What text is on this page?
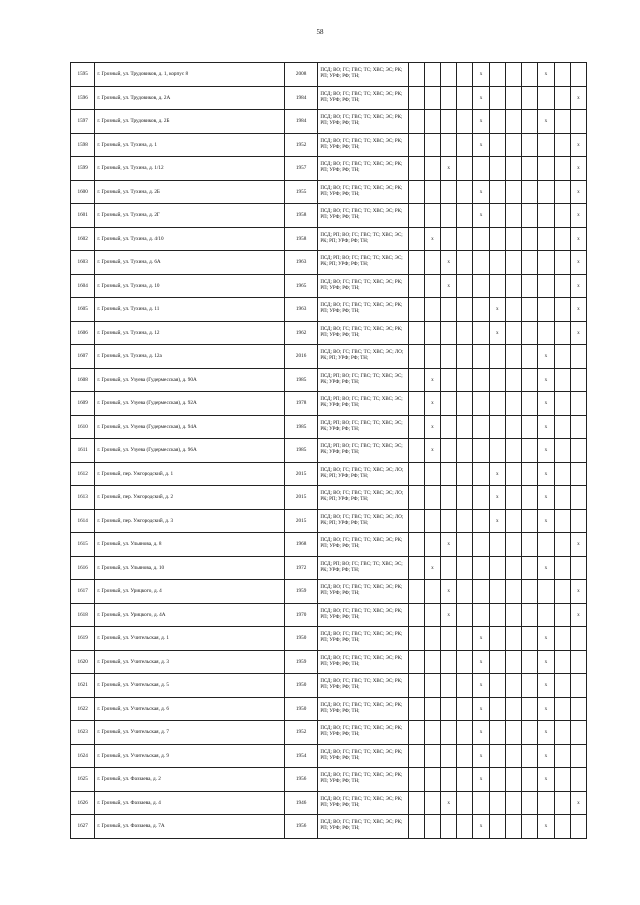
58
1595	г. Грозный, ул. Трудовиков, д. 1, корпус 8	2008	ПСД; ВО; ГС; ГВС; ТС; ХВС; ЭС; РК; РП; УРФ; РФ; ТН;					x				x		
1596	г. Грозный, ул. Трудовиков, д. 2А	1984	ПСД; ВО; ГС; ГВС; ТС; ХВС; ЭС; РК; РП; УРФ; РФ; ТН;					x						x
1597	г. Грозный, ул. Трудовиков, д. 2Б	1984	ПСД; ВО; ГС; ГВС; ТС; ХВС; ЭС; РК; РП; УРФ; РФ; ТН;					x				x		
1598	г. Грозный, ул. Тухина, д. 1	1952	ПСД; ВО; ГС; ГВС; ТС; ХВС; ЭС; РК; РП; УРФ; РФ; ТН;					x						x
1599	г. Грозный, ул. Тухина, д. 1/12	1957	ПСД; ВО; ГС; ГВС; ТС; ХВС; ЭС; РК; РП; УРФ; РФ; ТН;			x								x
1600	г. Грозный, ул. Тухина, д. 2Б	1955	ПСД; ВО; ГС; ГВС; ТС; ХВС; ЭС; РК; РП; УРФ; РФ; ТН;					x						x
1601	г. Грозный, ул. Тухина, д. 2Г	1958	ПСД; ВО; ГС; ГВС; ТС; ХВС; ЭС; РК; РП; УРФ; РФ; ТН;					x						x
1602	г. Грозный, ул. Тухина, д. 4/10	1958	ПСД; РП; ВО; ГС; ГВС; ТС; ХВС; ЭС; РК; РП; УРФ; РФ; ТН;		x									x
1603	г. Грозный, ул. Тухина, д. 6А	1963	ПСД; РП; ВО; ГС; ГВС; ТС; ХВС; ЭС; РК; РП; УРФ; РФ; ТН;			x								x
1604	г. Грозный, ул. Тухина, д. 10	1965	ПСД; ВО; ГС; ГВС; ТС; ХВС; ЭС; РК; РП; УРФ; РФ; ТН;			x								x
1605	г. Грозный, ул. Тухина, д. 11	1963	ПСД; ВО; ГС; ГВС; ТС; ХВС; ЭС; РК; РП; УРФ; РФ; ТН;						x					x
1606	г. Грозный, ул. Тухина, д. 12	1962	ПСД; ВО; ГС; ГВС; ТС; ХВС; ЭС; РК; РП; УРФ; РФ; ТН;						x					x
1607	г. Грозный, ул. Тухина, д. 12а	2016	ПСД; ВО; ГС; ГВС; ТС; ХВС; ЭС; ЛО; РК; РП; УРФ; РФ; ТН;									x		
1608	г. Грозный, ул. Узуева (Гудермесская), д. 90А	1985	ПСД; РП; ВО; ГС; ГВС; ТС; ХВС; ЭС; РК; УРФ; РФ; ТН;		x							x		
1609	г. Грозный, ул. Узуева (Гудермесская), д. 92А	1978	ПСД; РП; ВО; ГС; ГВС; ТС; ХВС; ЭС; РК; УРФ; РФ; ТН;		x							x		
1610	г. Грозный, ул. Узуева (Гудермесская), д. 94А	1985	ПСД; РП; ВО; ГС; ГВС; ТС; ХВС; ЭС; РК; УРФ; РФ; ТН;		x							x		
1611	г. Грозный, ул. Узуева (Гудермесская), д. 96А	1985	ПСД; РП; ВО; ГС; ГВС; ТС; ХВС; ЭС; РК; УРФ; РФ; ТН;		x							x		
1612	г. Грозный, пер. Ужгородский, д. 1	2015	ПСД; ВО; ГС; ГВС; ТС; ХВС; ЭС; ЛО; РК; РП; УРФ; РФ; ТН;						x			x		
1613	г. Грозный, пер. Ужгородский, д. 2	2015	ПСД; ВО; ГС; ГВС; ТС; ХВС; ЭС; ЛО; РК; РП; УРФ; РФ; ТН;						x			x		
1614	г. Грозный, пер. Ужгородский, д. 3	2015	ПСД; ВО; ГС; ГВС; ТС; ХВС; ЭС; ЛО; РК; РП; УРФ; РФ; ТН;						x			x		
1615	г. Грозный, ул. Ульянова, д. 8	1968	ПСД; ВО; ГС; ГВС; ТС; ХВС; ЭС; РК; РП; УРФ; РФ; ТН;			x								x
1616	г. Грозный, ул. Ульянова, д. 10	1972	ПСД; РП; ВО; ГС; ГВС; ТС; ХВС; ЭС; РК; УРФ; РФ; ТН;		x							x		
1617	г. Грозный, ул. Урицкого, д. 4	1959	ПСД; ВО; ГС; ГВС; ТС; ХВС; ЭС; РК; РП; УРФ; РФ; ТН;			x								x
1618	г. Грозный, ул. Урицкого, д. 4А	1970	ПСД; ВО; ГС; ГВС; ТС; ХВС; ЭС; РК; РП; УРФ; РФ; ТН;			x								x
1619	г. Грозный, ул. Учительская, д. 1	1950	ПСД; ВО; ГС; ГВС; ТС; ХВС; ЭС; РК; РП; УРФ; РФ; ТН;					x				x		
1620	г. Грозный, ул. Учительская, д. 3	1959	ПСД; ВО; ГС; ГВС; ТС; ХВС; ЭС; РК; РП; УРФ; РФ; ТН;					x				x		
1621	г. Грозный, ул. Учительская, д. 5	1950	ПСД; ВО; ГС; ГВС; ТС; ХВС; ЭС; РК; РП; УРФ; РФ; ТН;					x				x		
1622	г. Грозный, ул. Учительская, д. 6	1950	ПСД; ВО; ГС; ГВС; ТС; ХВС; ЭС; РК; РП; УРФ; РФ; ТН;					x				x		
1623	г. Грозный, ул. Учительская, д. 7	1952	ПСД; ВО; ГС; ГВС; ТС; ХВС; ЭС; РК; РП; УРФ; РФ; ТН;					x				x		
1624	г. Грозный, ул. Учительская, д. 9	1954	ПСД; ВО; ГС; ГВС; ТС; ХВС; ЭС; РК; РП; УРФ; РФ; ТН;					x				x		
1625	г. Грозный, ул. Фаззаева, д. 2	1956	ПСД; ВО; ГС; ГВС; ТС; ХВС; ЭС; РК; РП; УРФ; РФ; ТН;					x				x		
1626	г. Грозный, ул. Фаззаева, д. 4	1946	ПСД; ВО; ГС; ГВС; ТС; ХВС; ЭС; РК; РП; УРФ; РФ; ТН;			x								x
1627	г. Грозный, ул. Фаззаева, д. 7А	1956	ПСД; ВО; ГС; ГВС; ТС; ХВС; ЭС; РК; РП; УРФ; РФ; ТН;					x				x		
